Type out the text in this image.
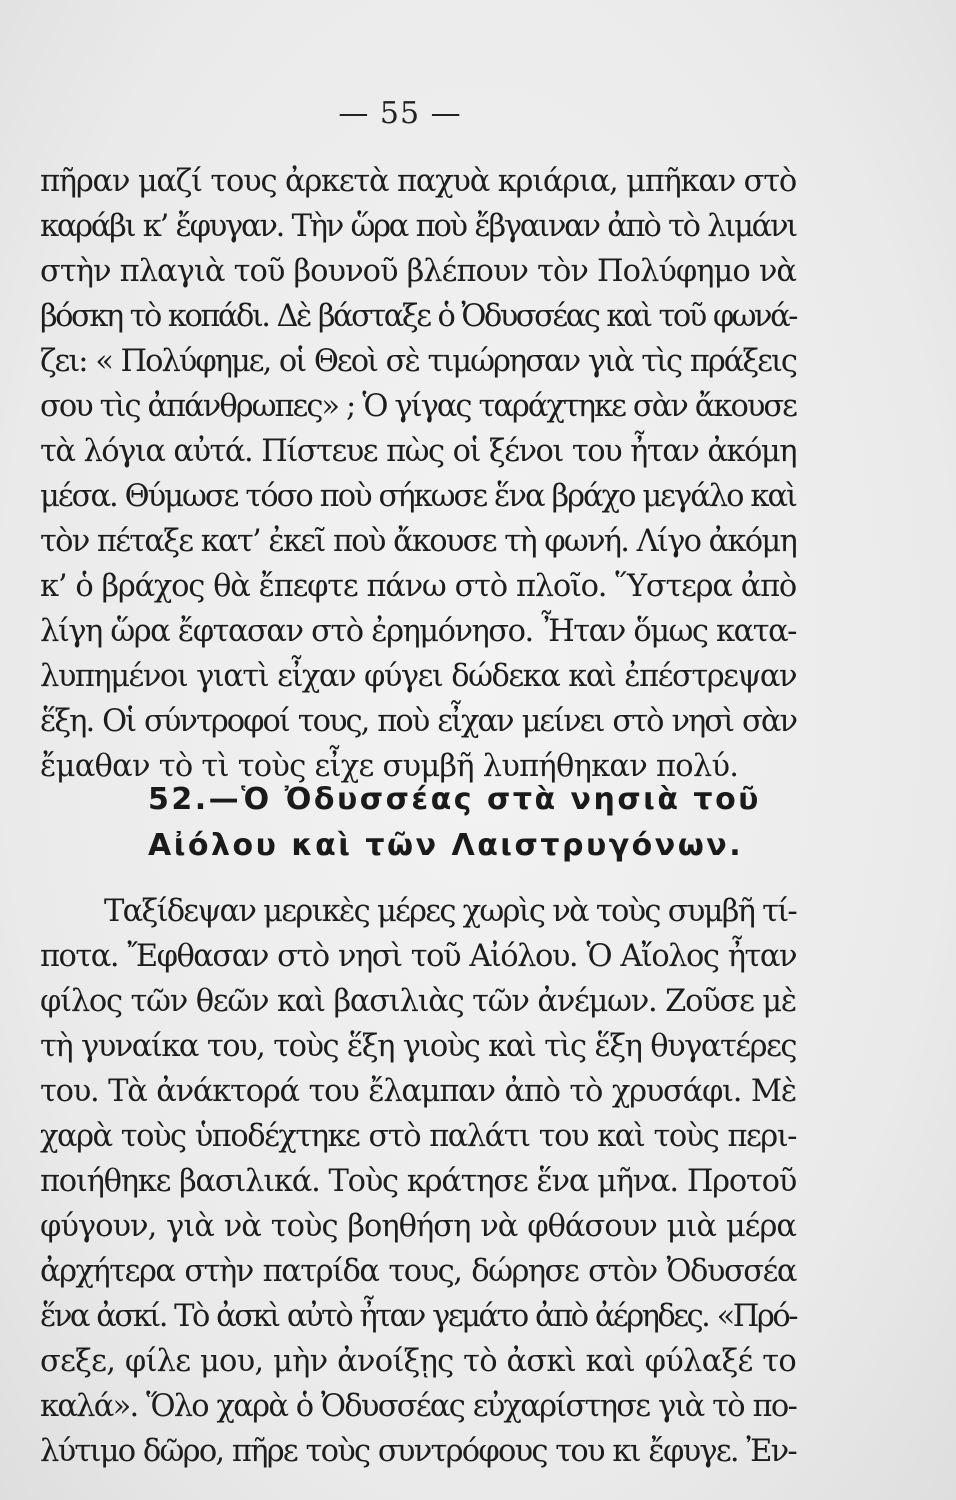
— 55 —
πῆραν μαζί τους ἀρκετὰ παχυὰ κριάρια, μπῆκαν στὸ
καράβι κ’ ἔφυγαν. Τὴν ὥρα ποὺ ἔβγαιναν ἀπὸ τὸ λιμάνι
στὴν πλαγιὰ τοῦ βουνοῦ βλέπουν τὸν Πολύφημο νὰ
βόσκη τὸ κοπάδι. Δὲ βάσταξε ὁ Ὀδυσσέας καὶ τοῦ φωνά-
ζει: « Πολύφημε, οἱ Θεοὶ σὲ τιμώρησαν γιὰ τὶς πράξεις
σου τὶς ἀπάνθρωπες» ; Ὁ γίγας ταράχτηκε σὰν ἄκουσε
τὰ λόγια αὐτά. Πίστευε πὼς οἱ ξένοι του ἦταν ἀκόμη
μέσα. Θύμωσε τόσο ποὺ σήκωσε ἕνα βράχο μεγάλο καὶ
τὸν πέταξε κατ’ ἐκεῖ ποὺ ἄκουσε τὴ φωνή. Λίγο ἀκόμη
κ’ ὁ βράχος θὰ ἔπεφτε πάνω στὸ πλοῖο. Ὕστερα ἀπὸ
λίγη ὥρα ἔφτασαν στὸ ἐρημόνησο. Ἦταν ὅμως κατα-
λυπημένοι γιατὶ εἶχαν φύγει δώδεκα καὶ ἐπέστρεψαν
ἕξη. Οἱ σύντροφοί τους, ποὺ εἶχαν μείνει στὸ νησὶ σὰν
ἔμαθαν τὸ τὶ τοὺς εἶχε συμβῆ λυπήθηκαν πολύ.
52.—Ὁ Ὀδυσσέας στὰ νησιὰ τοῦ
Αἰόλου καὶ τῶν Λαιστρυγόνων.
Ταξίδεψαν μερικὲς μέρες χωρὶς νὰ τοὺς συμβῆ τί-
ποτα. Ἔφθασαν στὸ νησὶ τοῦ Αἰόλου. Ὁ Αἴολος ἦταν
φίλος τῶν θεῶν καὶ βασιλιὰς τῶν ἀνέμων. Ζοῦσε μὲ
τὴ γυναίκα του, τοὺς ἕξη γιοὺς καὶ τὶς ἕξη θυγατέρες
του. Τὰ ἀνάκτορά του ἔλαμπαν ἀπὸ τὸ χρυσάφι. Μὲ
χαρὰ τοὺς ὑποδέχτηκε στὸ παλάτι του καὶ τοὺς περι-
ποιήθηκε βασιλικά. Τοὺς κράτησε ἕνα μῆνα. Προτοῦ
φύγουν, γιὰ νὰ τοὺς βοηθήση νὰ φθάσουν μιὰ μέρα
ἀρχήτερα στὴν πατρίδα τους, δώρησε στὸν Ὀδυσσέα
ἕνα ἀσκί. Τὸ ἀσκὶ αὐτὸ ἦταν γεμάτο ἀπὸ ἀέρηδες. «Πρό-
σεξε, φίλε μου, μὴν ἀνοίξῃς τὸ ἀσκὶ καὶ φύλαξέ το
καλά». Ὅλο χαρὰ ὁ Ὀδυσσέας εὐχαρίστησε γιὰ τὸ πο-
λύτιμο δῶρο, πῆρε τοὺς συντρόφους του κι ἔφυγε. Ἐν-
